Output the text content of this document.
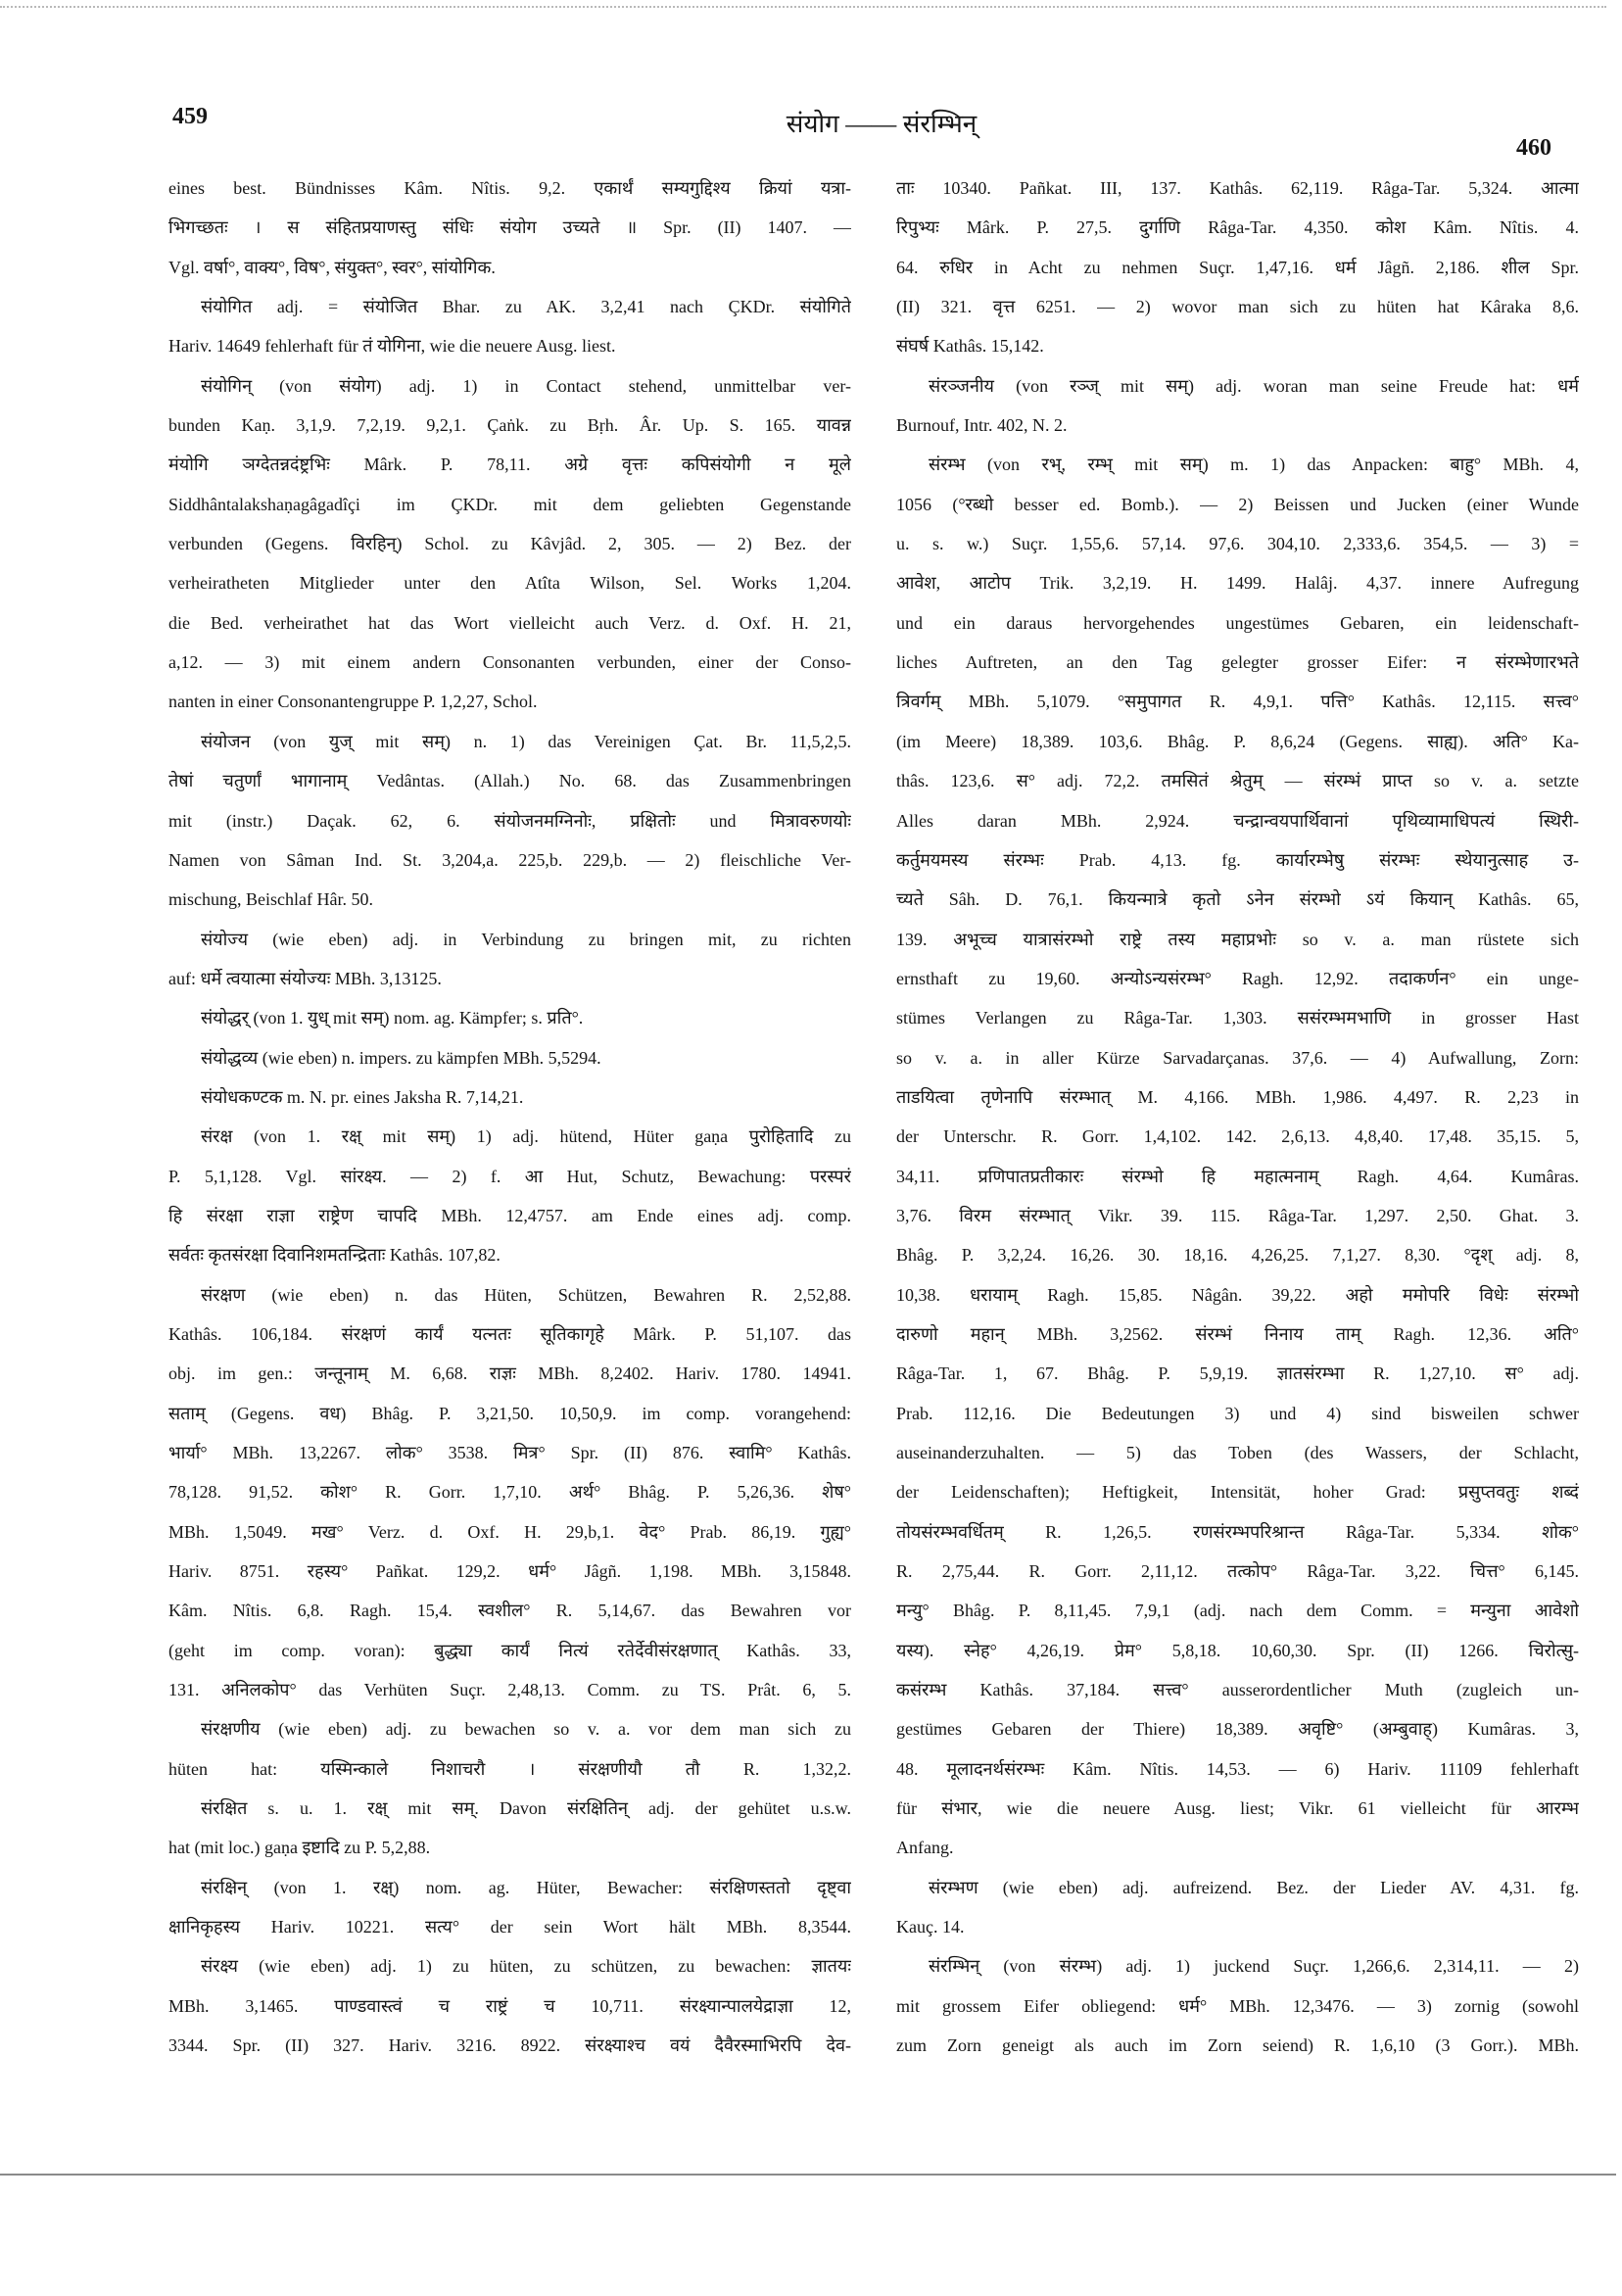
459	संयोग —— संरम्भिन्
460
eines best. Bündnisses Kâm. Nîtis. 9,2. एकार्थं सम्यगुद्दिश्य क्रियां यत्रा-
भिगच्छतः । स संहितप्रयाणस्तु संधिः संयोग उच्यते ॥ Spr. (II) 1407. —
Vgl. वर्षा°, वाक्य°, विष°, संयुक्त°, स्वर°, सांयोगिक.
संयोगित adj. = संयोजित Bhar. zu AK. 3,2,41 nach ÇKDr. संयोगिते
Hariv. 14649 fehlerhaft für तं योगिना, wie die neuere Ausg. liest.
संयोगिन् (von संयोग) adj. 1) in Contact stehend, unmittelbar ver-
bunden Kaṇ. 3,1,9. 7,2,19. 9,2,1. Çaṅk. zu Bṛh. Âr. Up. S. 165. यावन्न
मंयोगि ञग्देतन्नदंष्ट्रभिः Mârk. P. 78,11. अग्रे वृत्तः कपिसंयोगी न मूले
Siddhântalakshaṇagâgadîçi im ÇKDr. mit dem geliebten Gegenstande
verbunden (Gegens. विरहिन्) Schol. zu Kâvjâd. 2, 305. — 2) Bez. der
verheiratheten Mitglieder unter den Atîta Wilson, Sel. Works 1,204.
die Bed. verheirathet hat das Wort vielleicht auch Verz. d. Oxf. H. 21,
a,12. — 3) mit einem andern Consonanten verbunden, einer der Conso-
nanten in einer Consonantengruppe P. 1,2,27, Schol.
संयोजन (von युज् mit सम्) n. 1) das Vereinigen Çat. Br. 11,5,2,5.
तेषां चतुर्णां भागानाम् Vedântas. (Allah.) No. 68. das Zusammenbringen
mit (instr.) Daçak. 62, 6. संयोजनमग्निनोः, प्रक्षितोः und मित्रावरुणयोः
Namen von Sâman Ind. St. 3,204,a. 225,b. 229,b. — 2) fleischliche Ver-
mischung, Beischlaf Hâr. 50.
संयोज्य (wie eben) adj. in Verbindung zu bringen mit, zu richten
auf: धर्मे त्वयात्मा संयोज्यः MBh. 3,13125.
संयोद्धर् (von 1. युध् mit सम्) nom. ag. Kämpfer; s. प्रति°.
संयोद्धव्य (wie eben) n. impers. zu kämpfen MBh. 5,5294.
संयोधकण्टक m. N. pr. eines Jaksha R. 7,14,21.
संरक्ष (von 1. रक्ष् mit सम्) 1) adj. hütend, Hüter gaṇa पुरोहितादि zu
P. 5,1,128. Vgl. सांरक्ष्य. — 2) f. आ Hut, Schutz, Bewachung: परस्परं
हि संरक्षा राज्ञा राष्ट्रेण चापदि MBh. 12,4757. am Ende eines adj. comp.
सर्वतः कृतसंरक्षा दिवानिशमतन्द्रिताः Kathâs. 107,82.
संरक्षण (wie eben) n. das Hüten, Schützen, Bewahren R. 2,52,88.
Kathâs. 106,184. संरक्षणं कार्यं यत्नतः सूतिकागृहे Mârk. P. 51,107. das
obj. im gen.: जन्तूनाम् M. 6,68. राज्ञः MBh. 8,2402. Hariv. 1780. 14941.
सताम् (Gegens. वध) Bhâg. P. 3,21,50. 10,50,9. im comp. vorangehend:
भार्या° MBh. 13,2267. लोक° 3538. मित्र° Spr. (II) 876. स्वामि° Kathâs.
78,128. 91,52. कोश° R. Gorr. 1,7,10. अर्थ° Bhâg. P. 5,26,36. शेष°
MBh. 1,5049. मख° Verz. d. Oxf. H. 29,b,1. वेद° Prab. 86,19. गुह्य°
Hariv. 8751. रहस्य° Pañkat. 129,2. धर्म° Jâgñ. 1,198. MBh. 3,15848.
Kâm. Nîtis. 6,8. Ragh. 15,4. स्वशील° R. 5,14,67. das Bewahren vor
(geht im comp. voran): बुद्ध्या कार्यं नित्यं रतेर्देवीसंरक्षणात् Kathâs. 33,
131. अनिलकोप° das Verhüten Suçr. 2,48,13. Comm. zu TS. Prât. 6, 5.
संरक्षणीय (wie eben) adj. zu bewachen so v. a. vor dem man sich zu
hüten hat: यस्मिन्काले निशाचरौ । संरक्षणीयौ तौ R. 1,32,2.
संरक्षित s. u. 1. रक्ष् mit सम्. Davon संरक्षितिन् adj. der gehütet u.s.w.
hat (mit loc.) gaṇa इष्टादि zu P. 5,2,88.
संरक्षिन् (von 1. रक्ष्) nom. ag. Hüter, Bewacher: संरक्षिणस्ततो दृष्ट्वा
क्षानिकृहस्य Hariv. 10221. सत्य° der sein Wort hält MBh. 8,3544.
संरक्ष्य (wie eben) adj. 1) zu hüten, zu schützen, zu bewachen: ज्ञातयः
MBh. 3,1465. पाण्डवास्त्वं च राष्ट्रं च 10,711. संरक्ष्यान्पालयेद्राज्ञा 12,
3344. Spr. (II) 327. Hariv. 3216. 8922. संरक्ष्याश्च वयं दैवैरस्माभिरपि देव-
ताः 10340. Pañkat. III, 137. Kathâs. 62,119. Râga-Tar. 5,324. आत्मा
रिपुभ्यः Mârk. P. 27,5. दुर्गाणि Râga-Tar. 4,350. कोश Kâm. Nîtis. 4.
64. रुधिर in Acht zu nehmen Suçr. 1,47,16. धर्म Jâgñ. 2,186. शील Spr.
(II) 321. वृत्त 6251. — 2) wovor man sich zu hüten hat Kâraka 8,6.
संघर्ष Kathâs. 15,142.
संरञ्जनीय (von रञ्ज् mit सम्) adj. woran man seine Freude hat: धर्म
Burnouf, Intr. 402, N. 2.
संरम्भ (von रभ्, रम्भ् mit सम्) m. 1) das Anpacken: बाहु° MBh. 4,
1056 (°रब्धो besser ed. Bomb.). — 2) Beissen und Jucken (einer Wunde
u. s. w.) Suçr. 1,55,6. 57,14. 97,6. 304,10. 2,333,6. 354,5. — 3) =
आवेश, आटोप Trik. 3,2,19. H. 1499. Halâj. 4,37. innere Aufregung
und ein daraus hervorgehendes ungestümes Gebaren, ein leidenschaft-
liches Auftreten, an den Tag gelegter grosser Eifer: न संरम्भेणारभते
त्रिवर्गम् MBh. 5,1079. °समुपागत R. 4,9,1. पत्ति° Kathâs. 12,115. सत्त्व°
(im Meere) 18,389. 103,6. Bhâg. P. 8,6,24 (Gegens. साह्य). अति° Ka-
thâs. 123,6. स° adj. 72,2. तमसितं श्रेतुम् — संरम्भं प्राप्त so v. a. setzte
Alles daran MBh. 2,924. चन्द्रान्वयपार्थिवानां पृथिव्यामाधिपत्यं स्थिरी-
कर्तुमयमस्य संरम्भः Prab. 4,13. fg. कार्यारम्भेषु संरम्भः स्थेयानुत्साह उ-
च्यते Sâh. D. 76,1. कियन्मात्रे कृतो ऽनेन संरम्भो ऽयं कियान् Kathâs. 65,
139. अभूच्च यात्रासंरम्भो राष्ट्रे तस्य महाप्रभोः so v. a. man rüstete sich
ernsthaft zu 19,60. अन्योऽन्यसंरम्भ° Ragh. 12,92. तदाकर्णन° ein unge-
stümes Verlangen zu Râga-Tar. 1,303. ससंरम्भमभाणि in grosser Hast
so v. a. in aller Kürze Sarvadarçanas. 37,6. — 4) Aufwallung, Zorn:
ताडयित्वा तृणेनापि संरम्भात् M. 4,166. MBh. 1,986. 4,497. R. 2,23 in
der Unterschr. R. Gorr. 1,4,102. 142. 2,6,13. 4,8,40. 17,48. 35,15. 5,
34,11. प्रणिपातप्रतीकारः संरम्भो हि महात्मनाम् Ragh. 4,64. Kumâras.
3,76. विरम संरम्भात् Vikr. 39. 115. Râga-Tar. 1,297. 2,50. Ghat. 3.
Bhâg. P. 3,2,24. 16,26. 30. 18,16. 4,26,25. 7,1,27. 8,30. °दृश् adj. 8,
10,38. धरायाम् Ragh. 15,85. Nâgân. 39,22. अहो ममोपरि विधेः संरम्भो
दारुणो महान् MBh. 3,2562. संरम्भं निनाय ताम् Ragh. 12,36. अति°
Râga-Tar. 1, 67. Bhâg. P. 5,9,19. ज्ञातसंरम्भा R. 1,27,10. स° adj.
Prab. 112,16. Die Bedeutungen 3) und 4) sind bisweilen schwer
auseinanderzuhalten. — 5) das Toben (des Wassers, der Schlacht,
der Leidenschaften); Heftigkeit, Intensität, hoher Grad: प्रसुप्तवतुः शब्दं
तोयसंरम्भवर्धितम् R. 1,26,5. रणसंरम्भपरिश्रान्त Râga-Tar. 5,334. शोक°
R. 2,75,44. R. Gorr. 2,11,12. तत्कोप° Râga-Tar. 3,22. चित्त° 6,145.
मन्यु° Bhâg. P. 8,11,45. 7,9,1 (adj. nach dem Comm. = मन्युना आवेशो
यस्य). स्नेह° 4,26,19. प्रेम° 5,8,18. 10,60,30. Spr. (II) 1266. चिरोत्सु-
कसंरम्भ Kathâs. 37,184. सत्त्व° ausserordentlicher Muth (zugleich un-
gestümes Gebaren der Thiere) 18,389. अवृष्टि° (अम्बुवाह्) Kumâras. 3,
48. मूलादनर्थसंरम्भः Kâm. Nîtis. 14,53. — 6) Hariv. 11109 fehlerhaft
für संभार, wie die neuere Ausg. liest; Vikr. 61 vielleicht für आरम्भ
Anfang.
संरम्भण (wie eben) adj. aufreizend. Bez. der Lieder AV. 4,31. fg.
Kauç. 14.
संरम्भिन् (von संरम्भ) adj. 1) juckend Suçr. 1,266,6. 2,314,11. — 2)
mit grossem Eifer obliegend: धर्म° MBh. 12,3476. — 3) zornig (sowohl
zum Zorn geneigt als auch im Zorn seiend) R. 1,6,10 (3 Gorr.). MBh.
